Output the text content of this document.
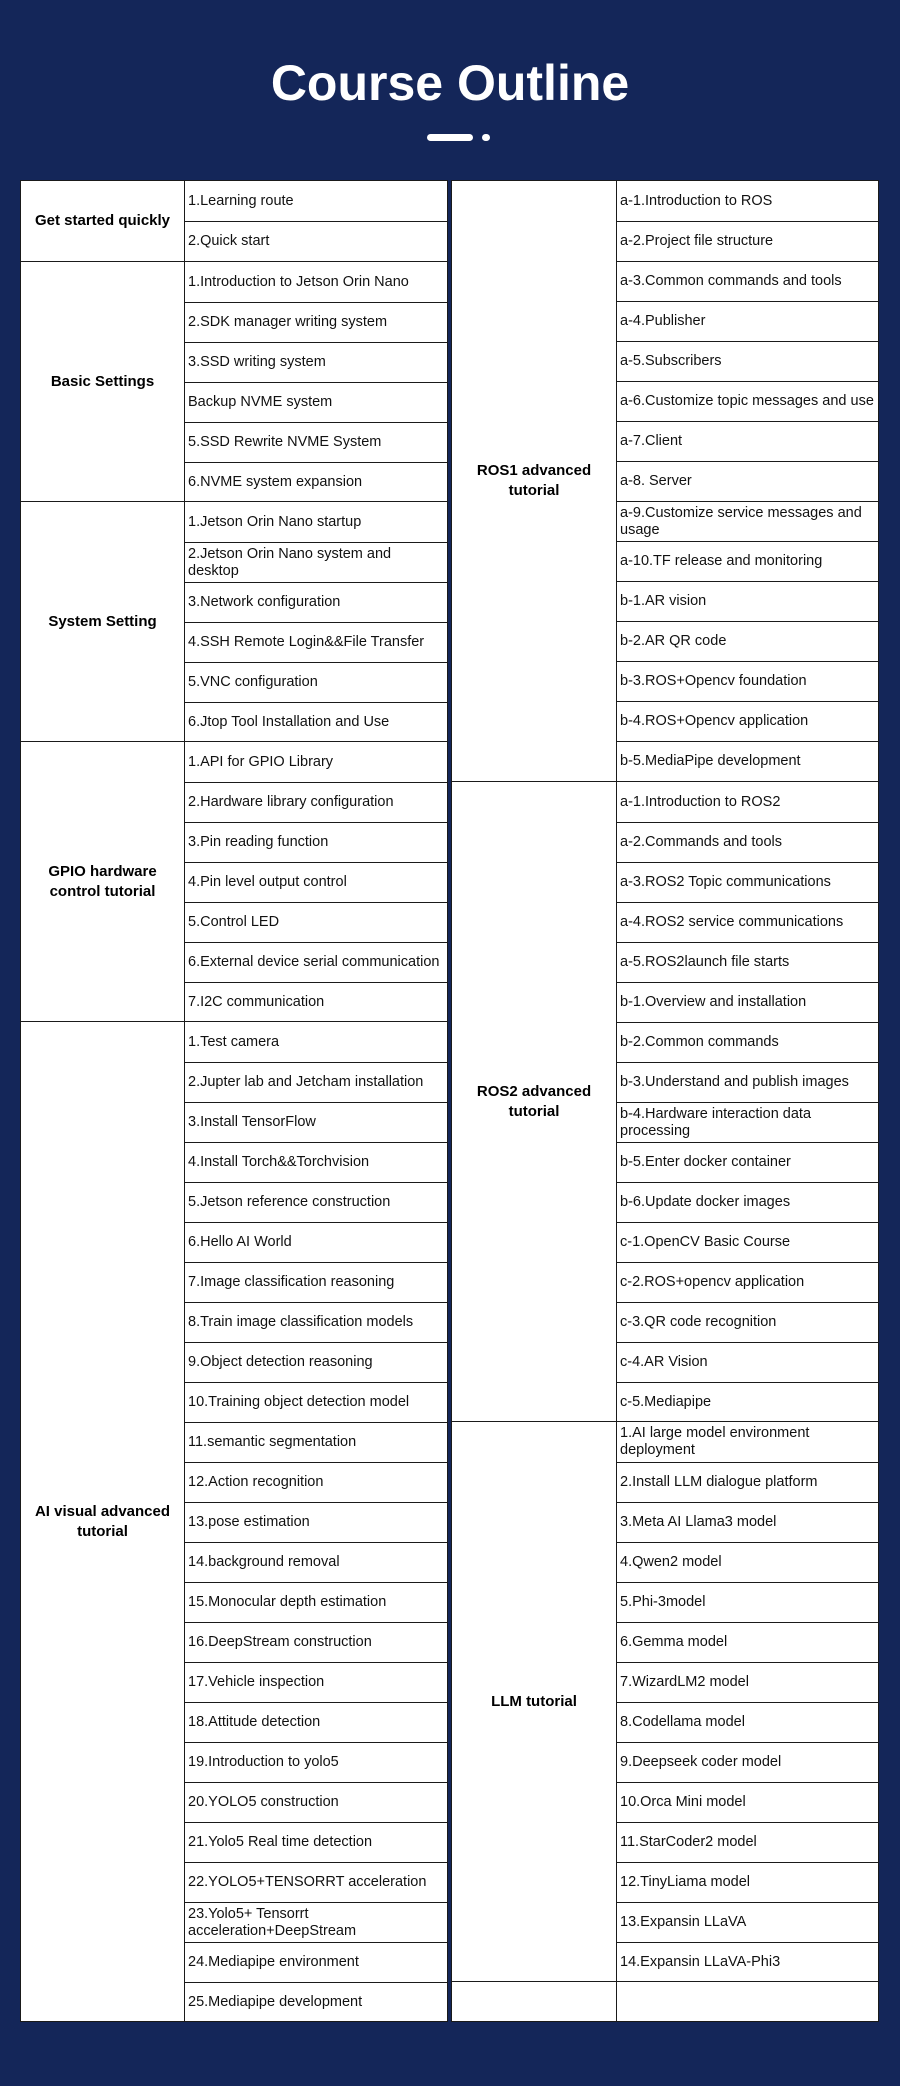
Course Outline
Get started quickly
1.Learning route
2.Quick start
Basic Settings
1.Introduction to Jetson Orin Nano
2.SDK manager writing system
3.SSD writing system
Backup NVME system
5.SSD Rewrite NVME System
6.NVME system expansion
System Setting
1.Jetson Orin Nano startup
2.Jetson Orin Nano system and desktop
3.Network configuration
4.SSH Remote Login&&File Transfer
5.VNC configuration
6.Jtop Tool Installation and Use
GPIO hardware control tutorial
1.API for GPIO Library
2.Hardware library configuration
3.Pin reading function
4.Pin level output control
5.Control LED
6.External device serial communication
7.I2C communication
AI visual advanced tutorial
1.Test camera
2.Jupter lab and Jetcham installation
3.Install TensorFlow
4.Install Torch&&Torchvision
5.Jetson reference construction
6.Hello AI World
7.Image classification reasoning
8.Train image classification models
9.Object detection reasoning
10.Training object detection model
11.semantic segmentation
12.Action recognition
13.pose estimation
14.background removal
15.Monocular depth estimation
16.DeepStream construction
17.Vehicle inspection
18.Attitude detection
19.Introduction to yolo5
20.YOLO5 construction
21.Yolo5 Real time detection
22.YOLO5+TENSORRT acceleration
23.Yolo5+ Tensorrt acceleration+DeepStream
24.Mediapipe environment
25.Mediapipe development
ROS1 advanced tutorial
a-1.Introduction to ROS
a-2.Project file structure
a-3.Common commands and tools
a-4.Publisher
a-5.Subscribers
a-6.Customize topic messages and use
a-7.Client
a-8. Server
a-9.Customize service messages and usage
a-10.TF release and monitoring
b-1.AR vision
b-2.AR QR code
b-3.ROS+Opencv foundation
b-4.ROS+Opencv application
b-5.MediaPipe development
ROS2 advanced tutorial
a-1.Introduction to ROS2
a-2.Commands and tools
a-3.ROS2 Topic communications
a-4.ROS2 service communications
a-5.ROS2launch file starts
b-1.Overview and installation
b-2.Common commands
b-3.Understand and publish images
b-4.Hardware interaction data processing
b-5.Enter docker container
b-6.Update docker images
c-1.OpenCV Basic Course
c-2.ROS+opencv application
c-3.QR code recognition
c-4.AR Vision
c-5.Mediapipe
LLM tutorial
1.AI large model environment deployment
2.Install LLM dialogue platform
3.Meta AI Llama3 model
4.Qwen2 model
5.Phi-3model
6.Gemma model
7.WizardLM2 model
8.Codellama model
9.Deepseek coder model
10.Orca Mini model
11.StarCoder2 model
12.TinyLiama model
13.Expansin LLaVA
14.Expansin LLaVA-Phi3
